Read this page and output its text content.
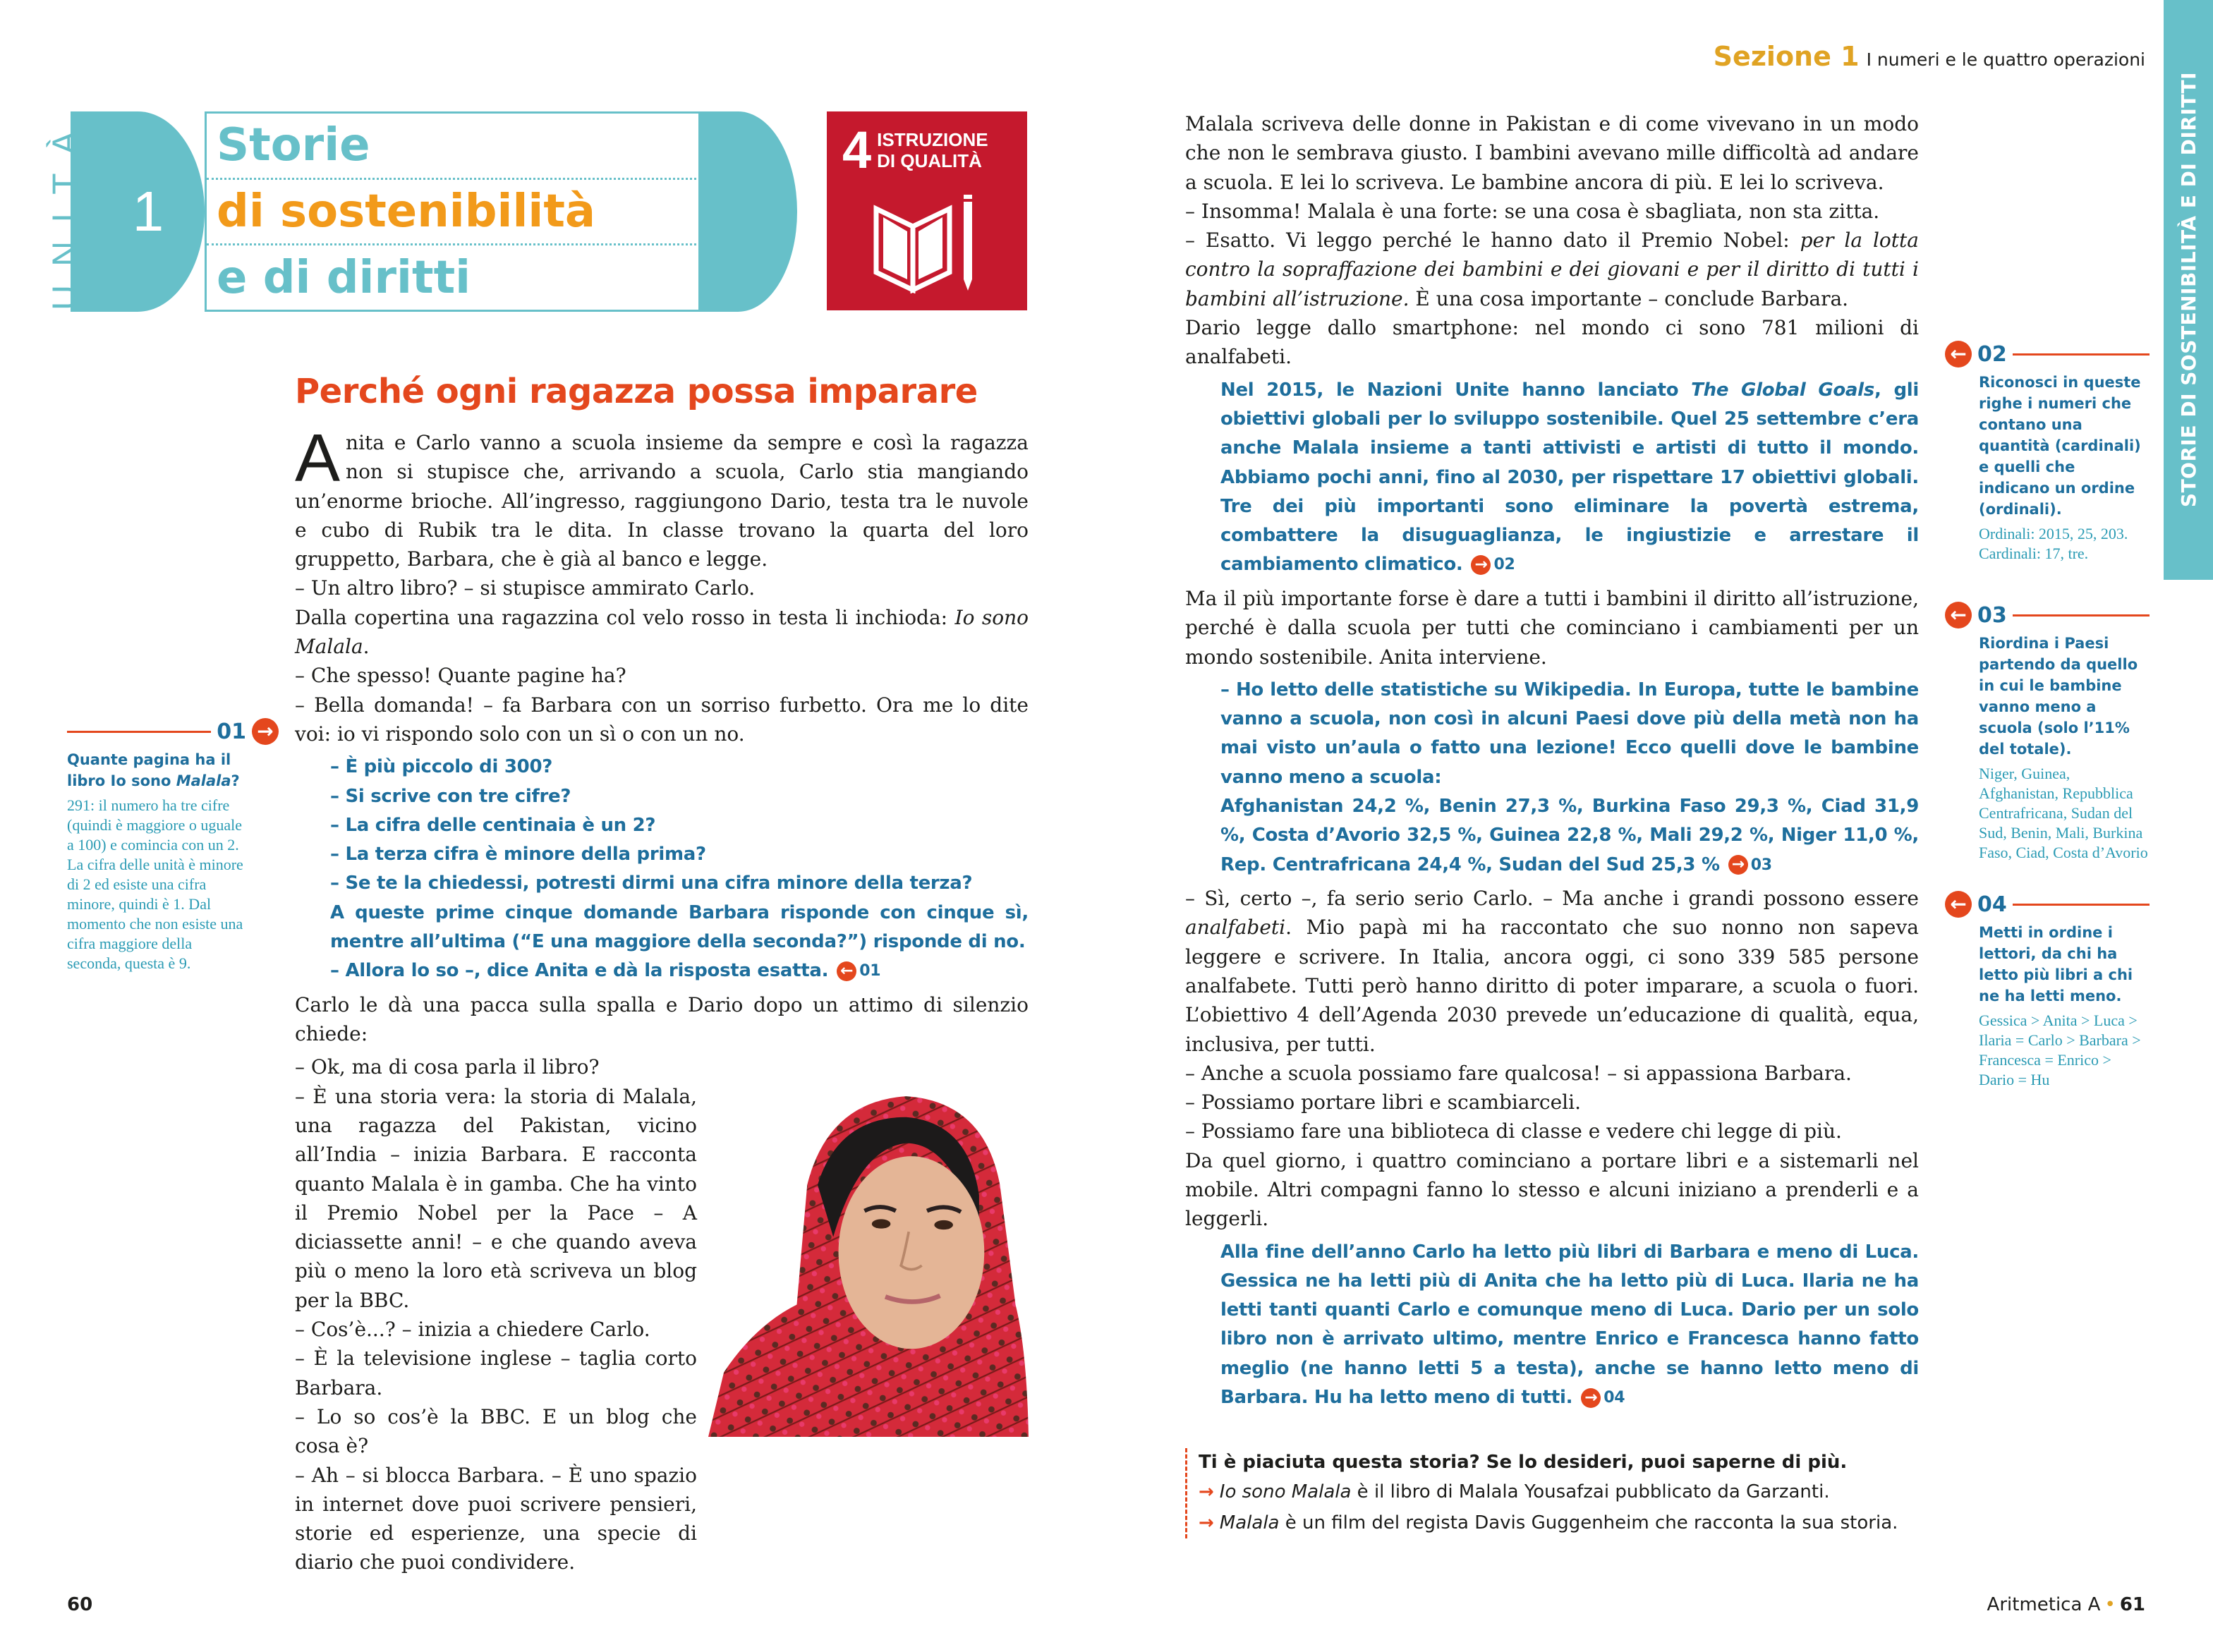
UNITÀ 1
Storie
di sostenibilità
e di diritti
4 ISTRUZIONE
DI QUALITÀ
Perché ogni ragazza possa imparare

Anita e Carlo vanno a scuola insieme da sempre e così la ragazza non si stupisce che, arrivando a scuola, Carlo stia mangiando un’enorme brioche. All’ingresso, raggiungono Dario, testa tra le nuvole e cubo di Rubik tra le dita. In classe trovano la quarta del loro gruppetto, Barbara, che è già al banco e legge.

– Un altro libro? – si stupisce ammirato Carlo.

Dalla copertina una ragazzina col velo rosso in testa li inchioda: Io sono Malala.

– Che spesso! Quante pagine ha?

– Bella domanda! – fa Barbara con un sorriso furbetto. Ora me lo dite voi: io vi rispondo solo con un sì o con un no.

– È più piccolo di 300?

– Si scrive con tre cifre?

– La cifra delle centinaia è un 2?

– La terza cifra è minore della prima?

– Se te la chiedessi, potresti dirmi una cifra minore della terza?

A queste prime cinque domande Barbara risponde con cinque sì, mentre all’ultima (“E una maggiore della seconda?”) risponde di no.

– Allora lo so –, dice Anita e dà la risposta esatta. ← 01

Carlo le dà una pacca sulla spalla e Dario dopo un attimo di silenzio chiede:

– Ok, ma di cosa parla il libro?

– È una storia vera: la storia di Malala, una ragazza del Pakistan, vicino all’India – inizia Barbara. E racconta quanto Malala è in gamba. Che ha vinto il Premio Nobel per la Pace – A diciassette anni! – e che quando aveva più o meno la loro età scriveva un blog per la BBC.

– Cos’è...? – inizia a chiedere Carlo.

– È la televisione inglese – taglia corto Barbara.

– Lo so cos’è la BBC. E un blog che cosa è?

– Ah – si blocca Barbara. – È uno spazio in internet dove puoi scrivere pensieri, storie ed esperienze, una specie di diario che puoi condividere.

01 →
Quante pagina ha il libro Io sono Malala?
291: il numero ha tre cifre (quindi è maggiore o uguale a 100) e comincia con un 2. La cifra delle unità è minore di 2 ed esiste una cifra minore, quindi è 1. Dal momento che non esiste una cifra maggiore della seconda, questa è 9.
60
Sezione 1 I numeri e le quattro operazioni
STORIE DI SOSTENIBILITÀ E DI DIRITTI

Malala scriveva delle donne in Pakistan e di come vivevano in un modo che non le sembrava giusto. I bambini avevano mille difficoltà ad andare a scuola. E lei lo scriveva. Le bambine ancora di più. E lei lo scriveva.

– Insomma! Malala è una forte: se una cosa è sbagliata, non sta zitta.

– Esatto. Vi leggo perché le hanno dato il Premio Nobel: per la lotta contro la sopraffazione dei bambini e dei giovani e per il diritto di tutti i bambini all’istruzione. È una cosa importante – conclude Barbara.

Dario legge dallo smartphone: nel mondo ci sono 781 milioni di analfabeti.

Nel 2015, le Nazioni Unite hanno lanciato The Global Goals, gli obiettivi globali per lo sviluppo sostenibile. Quel 25 settembre c’era anche Malala insieme a tanti attivisti e artisti di tutto il mondo. Abbiamo pochi anni, fino al 2030, per rispettare 17 obiettivi globali. Tre dei più importanti sono eliminare la povertà estrema, combattere la disuguaglianza, le ingiustizie e arrestare il cambiamento climatico. → 02

Ma il più importante forse è dare a tutti i bambini il diritto all’istruzione, perché è dalla scuola per tutti che cominciano i cambiamenti per un mondo sostenibile. Anita interviene.

– Ho letto delle statistiche su Wikipedia. In Europa, tutte le bambine vanno a scuola, non così in alcuni Paesi dove più della metà non ha mai visto un’aula o fatto una lezione! Ecco quelli dove le bambine vanno meno a scuola:

Afghanistan 24,2 %, Benin 27,3 %, Burkina Faso 29,3 %, Ciad 31,9 %, Costa d’Avorio 32,5 %, Guinea 22,8 %, Mali 29,2 %, Niger 11,0 %, Rep. Centrafricana 24,4 %, Sudan del Sud 25,3 % → 03

– Sì, certo –, fa serio serio Carlo. – Ma anche i grandi possono essere analfabeti. Mio papà mi ha raccontato che suo nonno non sapeva leggere e scrivere. In Italia, ancora oggi, ci sono 339 585 persone analfabete. Tutti però hanno diritto di poter imparare, a scuola o fuori. L’obiettivo 4 dell’Agenda 2030 prevede un’educazione di qualità, equa, inclusiva, per tutti.

– Anche a scuola possiamo fare qualcosa! – si appassiona Barbara.

– Possiamo portare libri e scambiarceli.

– Possiamo fare una biblioteca di classe e vedere chi legge di più.

Da quel giorno, i quattro cominciano a portare libri e a sistemarli nel mobile. Altri compagni fanno lo stesso e alcuni iniziano a prenderli e a leggerli.

Alla fine dell’anno Carlo ha letto più libri di Barbara e meno di Luca. Gessica ne ha letti più di Anita che ha letto più di Luca. Ilaria ne ha letti tanti quanti Carlo e comunque meno di Luca. Dario per un solo libro non è arrivato ultimo, mentre Enrico e Francesca hanno fatto meglio (ne hanno letti 5 a testa), anche se hanno letto meno di Barbara. Hu ha letto meno di tutti. → 04

Ti è piaciuta questa storia? Se lo desideri, puoi saperne di più.
→ Io sono Malala è il libro di Malala Yousafzai pubblicato da Garzanti.
→ Malala è un film del regista Davis Guggenheim che racconta la sua storia.
← 02
Riconosci in queste righe i numeri che contano una quantità (cardinali) e quelli che indicano un ordine (ordinali).
Ordinali: 2015, 25, 203. Cardinali: 17, tre.
← 03
Riordina i Paesi partendo da quello in cui le bambine vanno meno a scuola (solo l’11% del totale).
Niger, Guinea, Afghanistan, Repubblica Centrafricana, Sudan del Sud, Benin, Mali, Burkina Faso, Ciad, Costa d’Avorio
← 04
Metti in ordine i lettori, da chi ha letto più libri a chi ne ha letti meno.
Gessica > Anita > Luca > Ilaria = Carlo > Barbara > Francesca = Enrico > Dario = Hu
Aritmetica A • 61
